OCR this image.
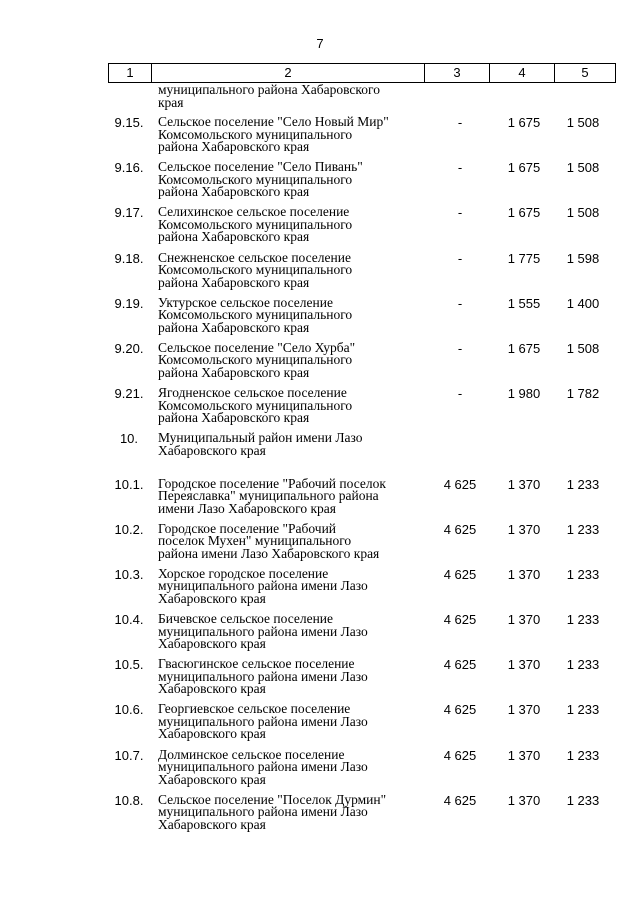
7
1	2	3	4	5
муниципального района Хабаровского
края
9.15.	Сельское поселение "Село Новый Мир"
Комсомольского муниципального
района Хабаровского края
-	1 675	1 508
9.16.	Сельское поселение "Село Пивань"
Комсомольского муниципального
района Хабаровского края
-	1 675	1 508
9.17.	Селихинское сельское поселение
Комсомольского муниципального
района Хабаровского края
-	1 675	1 508
9.18.	Снежненское сельское поселение
Комсомольского муниципального
района Хабаровского края
-	1 775	1 598
9.19.	Уктурское сельское поселение
Комсомольского муниципального
района Хабаровского края
-	1 555	1 400
9.20.	Сельское поселение "Село Хурба"
Комсомольского муниципального
района Хабаровского края
-	1 675	1 508
9.21.	Ягодненское сельское поселение
Комсомольского муниципального
района Хабаровского края
-	1 980	1 782
10.	Муниципальный район имени Лазо
Хабаровского края
10.1.	Городское поселение "Рабочий поселок
Переяславка" муниципального района
имени Лазо Хабаровского края
4 625	1 370	1 233
10.2.	Городское поселение "Рабочий
поселок Мухен" муниципального
района имени Лазо Хабаровского края
4 625	1 370	1 233
10.3.	Хорское городское поселение
муниципального района имени Лазо
Хабаровского края
4 625	1 370	1 233
10.4.	Бичевское сельское поселение
муниципального района имени Лазо
Хабаровского края
4 625	1 370	1 233
10.5.	Гвасюгинское сельское поселение
муниципального района имени Лазо
Хабаровского края
4 625	1 370	1 233
10.6.	Георгиевское сельское поселение
муниципального района имени Лазо
Хабаровского края
4 625	1 370	1 233
10.7.	Долминское сельское поселение
муниципального района имени Лазо
Хабаровского края
4 625	1 370	1 233
10.8.	Сельское поселение "Поселок Дурмин"
муниципального района имени Лазо
Хабаровского края
4 625	1 370	1 233
